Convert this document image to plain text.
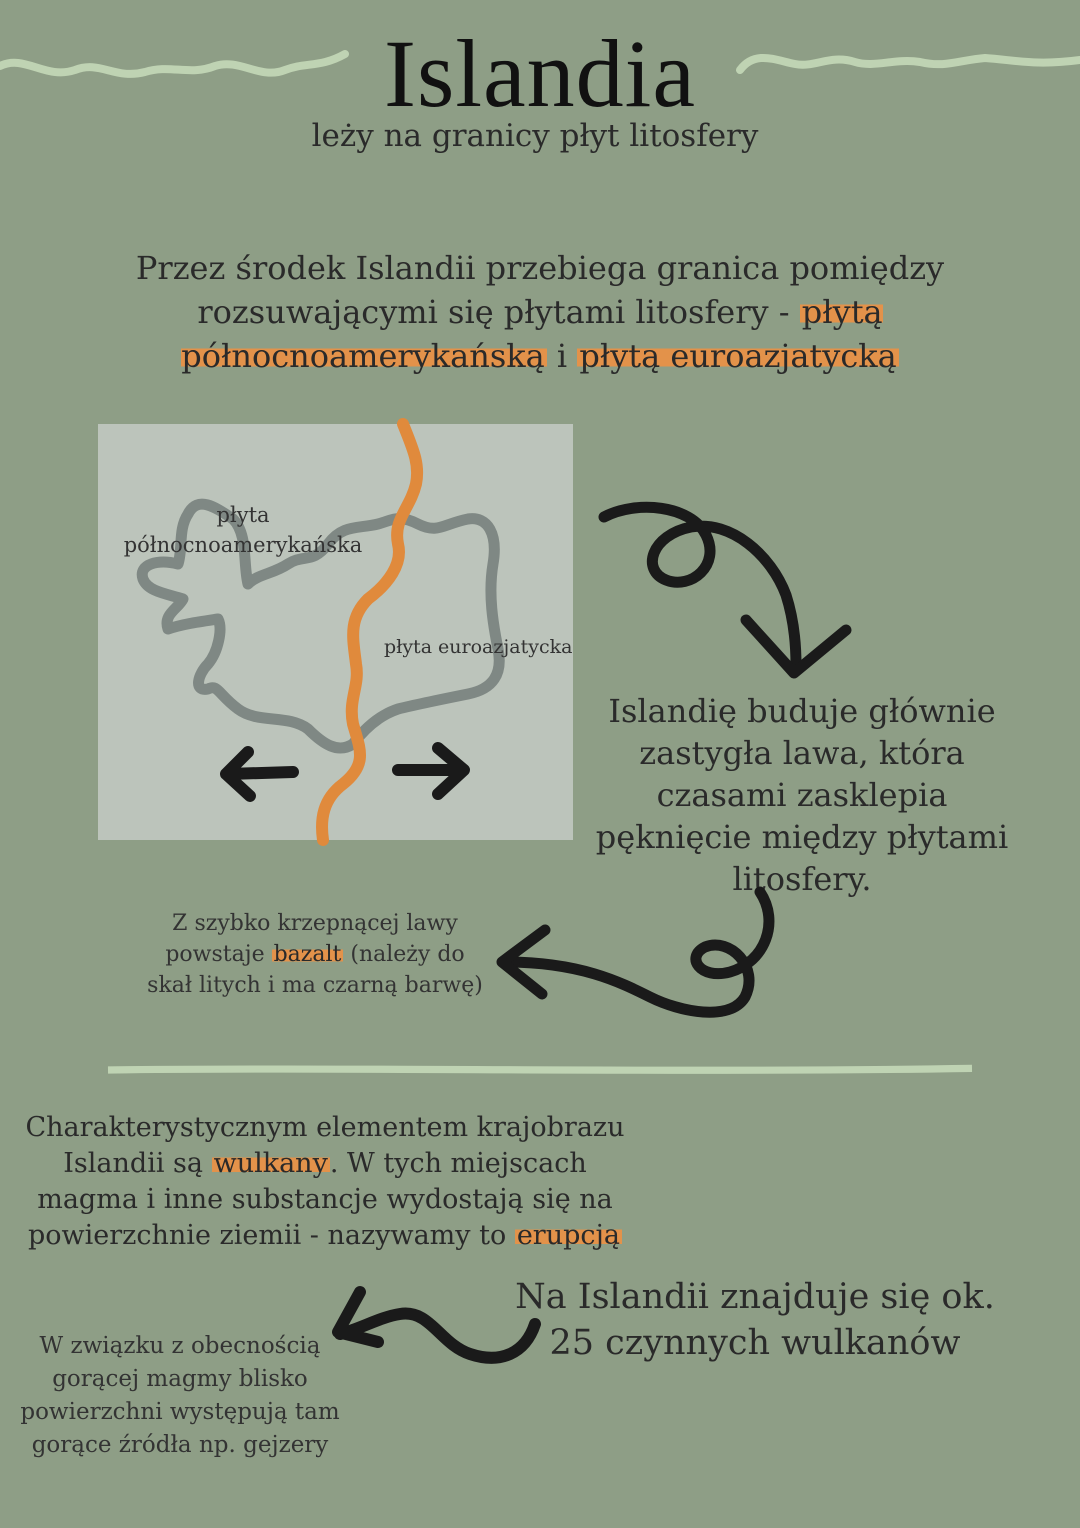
Islandia
leży na granicy płyt litosfery
Przez środek Islandii przebiega granica pomiędzy rozsuwającymi się płytami litosfery - płytą północnoamerykańską i płytą euroazjatycką
płyta
północnoamerykańska
płyta euroazjatycka
Islandię buduje głównie zastygła lawa, która czasami zasklepia pęknięcie między płytami litosfery.
Z szybko krzepnącej lawy powstaje bazalt (należy do skał litych i ma czarną barwę)
Charakterystycznym elementem krajobrazu Islandii są wulkany. W tych miejscach magma i inne substancje wydostają się na powierzchnie ziemii - nazywamy to erupcją
Na Islandii znajduje się ok. 25 czynnych wulkanów
W związku z obecnością gorącej magmy blisko powierzchni występują tam gorące źródła np. gejzery
